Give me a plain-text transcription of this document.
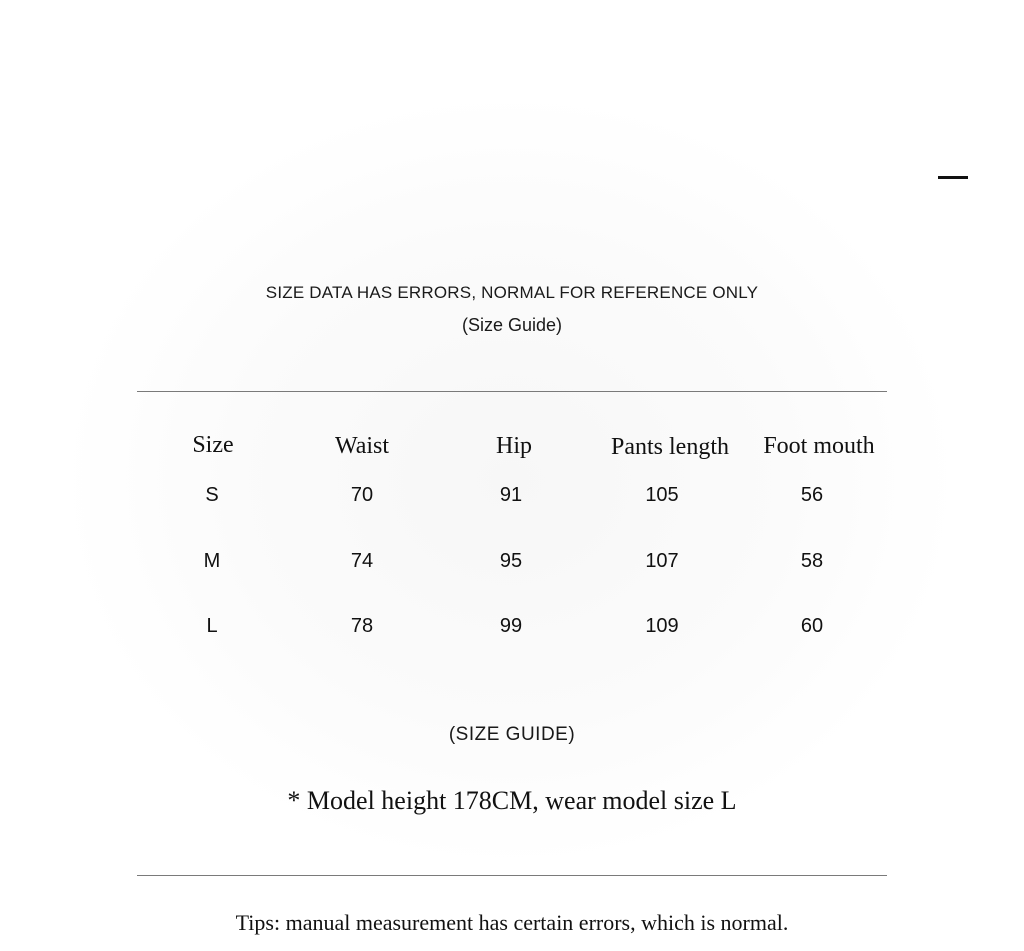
SIZE DATA HAS ERRORS, NORMAL FOR REFERENCE ONLY
(Size Guide)
Size	Waist	Hip	Pants length	Foot mouth
S	70	91	105	56
M	74	95	107	58
L	78	99	109	60
(SIZE GUIDE)
* Model height 178CM, wear model size L
Tips: manual measurement has certain errors, which is normal.
